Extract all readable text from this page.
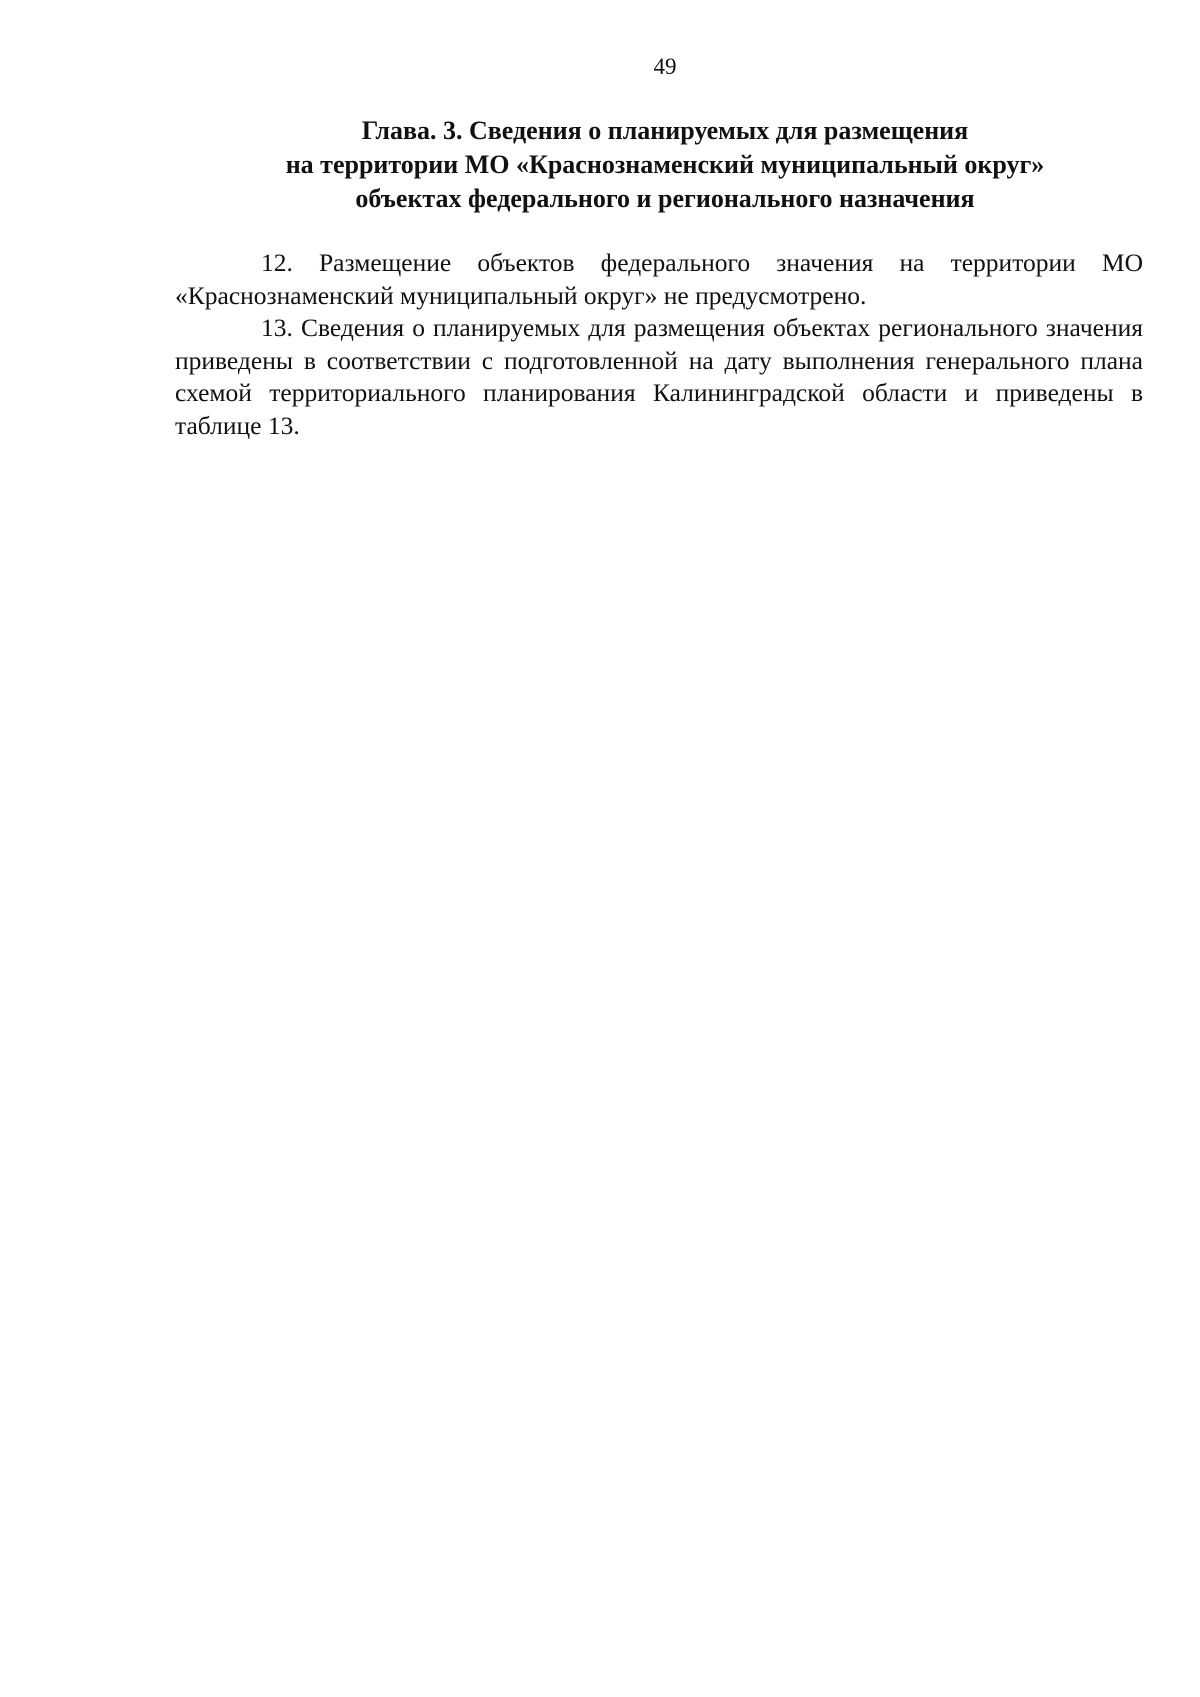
49
Глава. 3. Сведения о планируемых для размещения
на территории МО «Краснознаменский муниципальный округ»
объектах федерального и регионального назначения

12. Размещение объектов федерального значения на территории МО «Краснознаменский муниципальный округ» не предусмотрено.

13. Сведения о планируемых для размещения объектах регионального значения приведены в соответствии с подготовленной на дату выполнения генерального плана схемой территориального планирования Калининградской области и приведены в таблице 13.
